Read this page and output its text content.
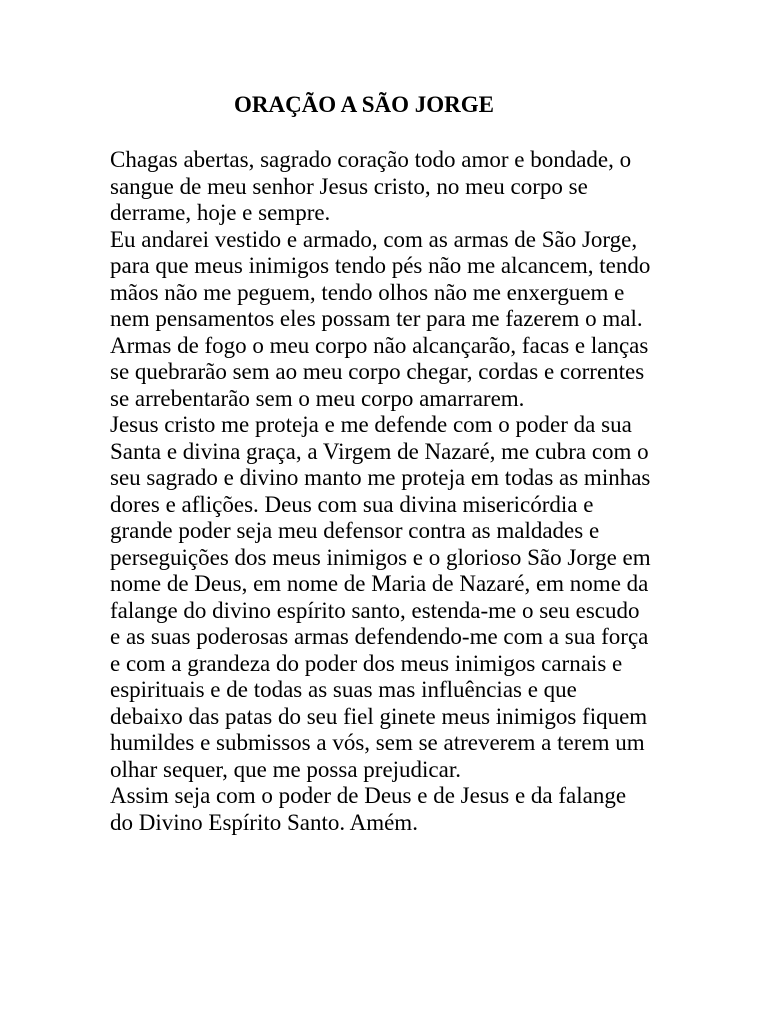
ORAÇÃO A SÃO JORGE
Chagas abertas, sagrado coração todo amor e bondade, o
sangue de meu senhor Jesus cristo, no meu corpo se
derrame, hoje e sempre.
Eu andarei vestido e armado, com as armas de São Jorge,
para que meus inimigos tendo pés não me alcancem, tendo
mãos não me peguem, tendo olhos não me enxerguem e
nem pensamentos eles possam ter para me fazerem o mal.
Armas de fogo o meu corpo não alcançarão, facas e lanças
se quebrarão sem ao meu corpo chegar, cordas e correntes
se arrebentarão sem o meu corpo amarrarem.
Jesus cristo me proteja e me defende com o poder da sua
Santa e divina graça, a Virgem de Nazaré, me cubra com o
seu sagrado e divino manto me proteja em todas as minhas
dores e aflições. Deus com sua divina misericórdia e
grande poder seja meu defensor contra as maldades e
perseguições dos meus inimigos e o glorioso São Jorge em
nome de Deus, em nome de Maria de Nazaré, em nome da
falange do divino espírito santo, estenda-me o seu escudo
e as suas poderosas armas defendendo-me com a sua força
e com a grandeza do poder dos meus inimigos carnais e
espirituais e de todas as suas mas influências e que
debaixo das patas do seu fiel ginete meus inimigos fiquem
humildes e submissos a vós, sem se atreverem a terem um
olhar sequer, que me possa prejudicar.
Assim seja com o poder de Deus e de Jesus e da falange
do Divino Espírito Santo. Amém.
